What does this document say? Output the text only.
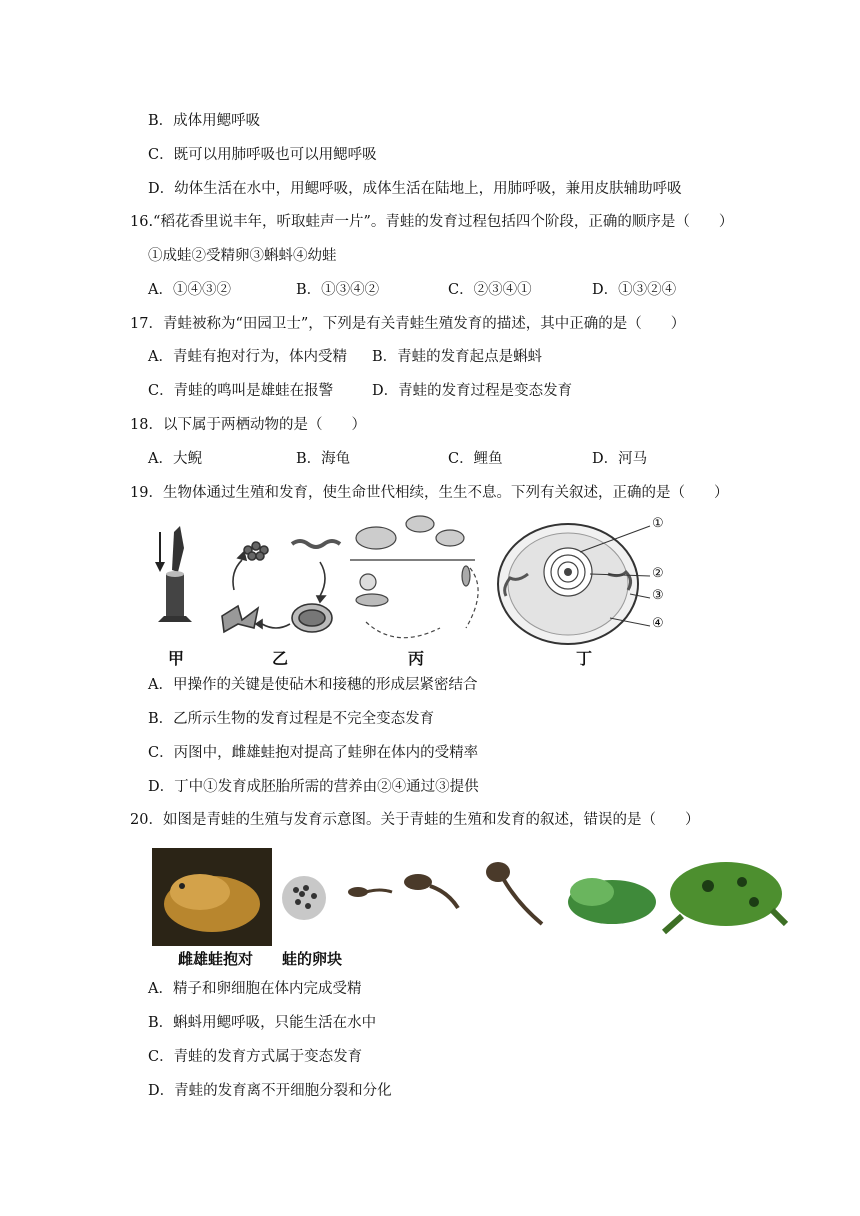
B．成体用鳃呼吸
C．既可以用肺呼吸也可以用鳃呼吸
D．幼体生活在水中，用鳃呼吸，成体生活在陆地上，用肺呼吸，兼用皮肤辅助呼吸
16.“稻花香里说丰年，听取蛙声一片”。青蛙的发育过程包括四个阶段，正确的顺序是（　　）
①成蛙②受精卵③蝌蚪④幼蛙
A．①④③②	B．①③④②	C．②③④①	D．①③②④
17．青蛙被称为“田园卫士”，下列是有关青蛙生殖发育的描述，其中正确的是（　　）
A．青蛙有抱对行为，体内受精 B．青蛙的发育起点是蝌蚪
C．青蛙的鸣叫是雄蛙在报警	D．青蛙的发育过程是变态发育
18．以下属于两栖动物的是（　　）
A．大鲵	B．海龟	C．鲤鱼	D．河马
19．生物体通过生殖和发育，使生命世代相续，生生不息。下列有关叙述，正确的是（　　）
①
②
③
④
甲	乙	丙	丁
A．甲操作的关键是使砧木和接穗的形成层紧密结合
B．乙所示生物的发育过程是不完全变态发育
C．丙图中，雌雄蛙抱对提高了蛙卵在体内的受精率
D．丁中①发育成胚胎所需的营养由②④通过③提供
20．如图是青蛙的生殖与发育示意图。关于青蛙的生殖和发育的叙述，错误的是（　　）
雌雄蛙抱对 蛙的卵块
A．精子和卵细胞在体内完成受精
B．蝌蚪用鳃呼吸，只能生活在水中
C．青蛙的发育方式属于变态发育
D．青蛙的发育离不开细胞分裂和分化
